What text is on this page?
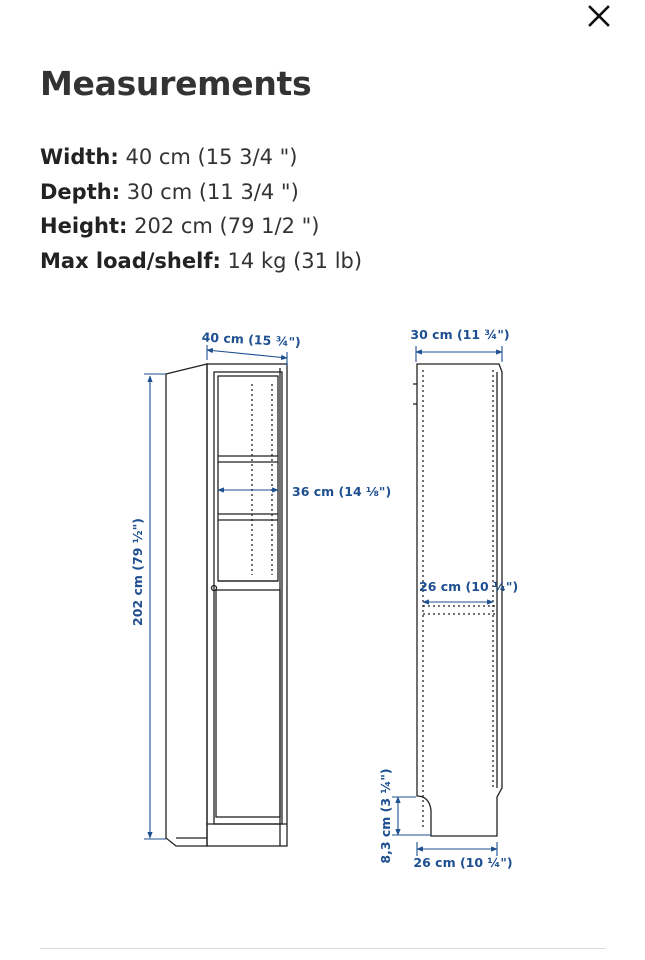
Measurements
Width: 40 cm (15 3/4 ")
Depth: 30 cm (11 3/4 ")
Height: 202 cm (79 1/2 ")
Max load/shelf: 14 kg (31 lb)
40 cm (15 ¾")	30 cm (11 ¾")
202 cm (79 ½")
36 cm (14 ⅛")
26 cm (10 ¼")
8,3 cm (3 ¼") 26 cm (10 ¼")
